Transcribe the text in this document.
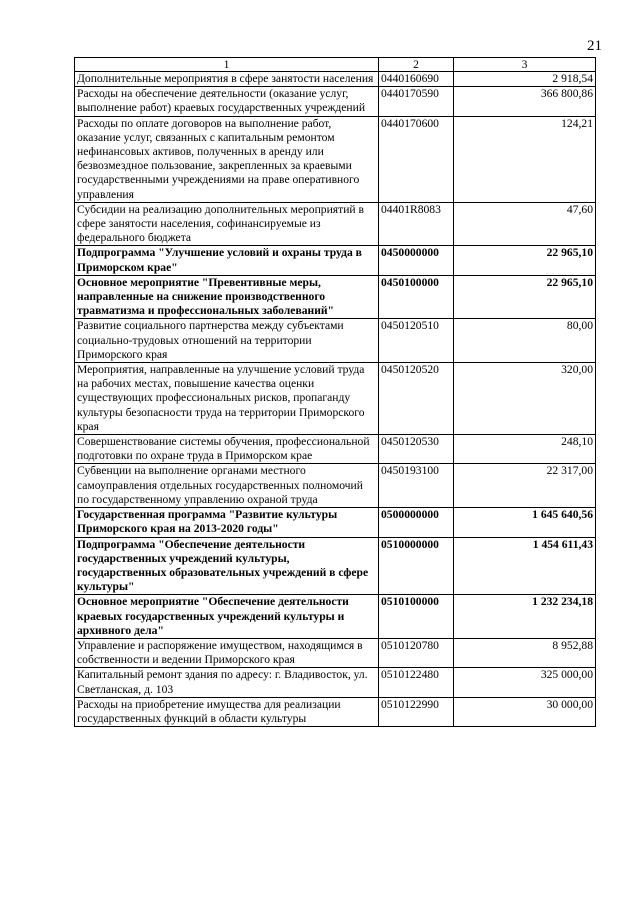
21
1	2	3
Дополнительные мероприятия в сфере занятости населения	0440160690	2 918,54
Расходы на обеспечение деятельности (оказание услуг, выполнение работ) краевых государственных учреждений	0440170590	366 800,86
Расходы по оплате договоров на выполнение работ, оказание услуг, связанных с капитальным ремонтом нефинансовых активов, полученных в аренду или безвозмездное пользование, закрепленных за краевыми государственными учреждениями на праве оперативного управления	0440170600	124,21
Субсидии на реализацию дополнительных мероприятий в сфере занятости населения, софинансируемые из федерального бюджета	04401R8083	47,60
Подпрограмма "Улучшение условий и охраны труда в Приморском крае"	0450000000	22 965,10
Основное мероприятие "Превентивные меры, направленные на снижение производственного травматизма и профессиональных заболеваний"	0450100000	22 965,10
Развитие социального партнерства между субъектами социально-трудовых отношений на территории Приморского края	0450120510	80,00
Мероприятия, направленные на улучшение условий труда на рабочих местах, повышение качества оценки существующих профессиональных рисков, пропаганду культуры безопасности труда на территории Приморского края	0450120520	320,00
Совершенствование системы обучения, профессиональной подготовки по охране труда в Приморском крае	0450120530	248,10
Субвенции на выполнение органами местного самоуправления отдельных государственных полномочий по государственному управлению охраной труда	0450193100	22 317,00
Государственная программа "Развитие культуры Приморского края на 2013-2020 годы"	0500000000	1 645 640,56
Подпрограмма "Обеспечение деятельности государственных учреждений культуры, государственных образовательных учреждений в сфере культуры"	0510000000	1 454 611,43
Основное мероприятие "Обеспечение деятельности краевых государственных учреждений культуры и архивного дела"	0510100000	1 232 234,18
Управление и распоряжение имуществом, находящимся в собственности и ведении Приморского края	0510120780	8 952,88
Капитальный ремонт здания по адресу: г. Владивосток, ул. Светланская, д. 103	0510122480	325 000,00
Расходы на приобретение имущества для реализации государственных функций в области культуры	0510122990	30 000,00
